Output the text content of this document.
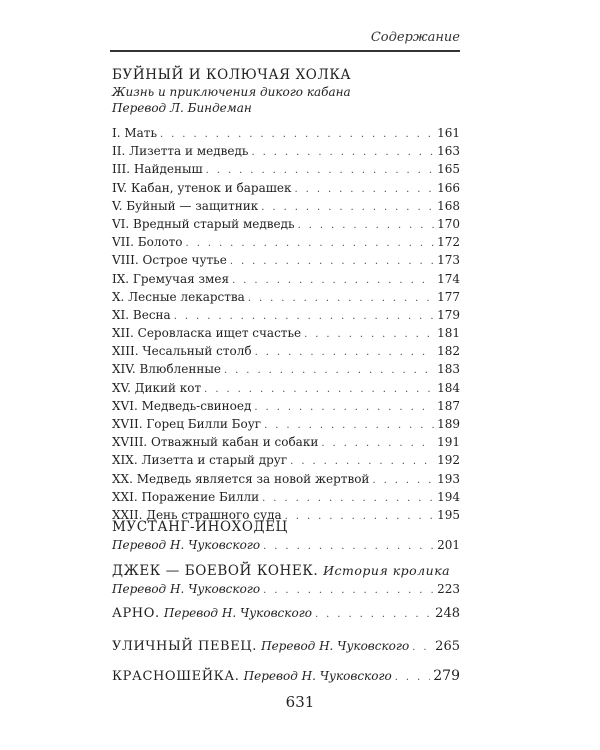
Содержание
БУЙНЫЙ И КОЛЮЧАЯ ХОЛКА
Жизнь и приключения дикого кабана
Перевод Л. Биндеман
I. Мать . . .	161
II. Лизетта и медведь . . .	163
III. Найденыш . . .	165
IV. Кабан, утенок и барашек . . .	166
V. Буйный — защитник . . .	168
VI. Вредный старый медведь . . .	170
VII. Болото . . .	172
VIII. Острое чутье . . .	173
IX. Гремучая змея . . .	174
X. Лесные лекарства . . .	177
XI. Весна . . .	179
XII. Серовласка ищет счастье . . .	181
XIII. Чесальный столб . . .	182
XIV. Влюбленные . . .	183
XV. Дикий кот . . .	184
XVI. Медведь-свиноед . . .	187
XVII. Горец Билли Боуг . . .	189
XVIII. Отважный кабан и собаки . . .	191
XIX. Лизетта и старый друг . . .	192
XX. Медведь является за новой жертвой . . .	193
XXI. Поражение Билли . . .	194
XXII. День страшного суда . . .	195
МУСТАНГ-ИНОХОДЕЦ
Перевод Н. Чуковского . . .	201
ДЖЕК — БОЕВОЙ КОНЕК. История кролика
Перевод Н. Чуковского . . .	223
АРНО. Перевод Н. Чуковского . . .	248
УЛИЧНЫЙ ПЕВЕЦ. Перевод Н. Чуковского . . . 265
КРАСНОШЕЙКА. Перевод Н. Чуковского . . .	279
631
